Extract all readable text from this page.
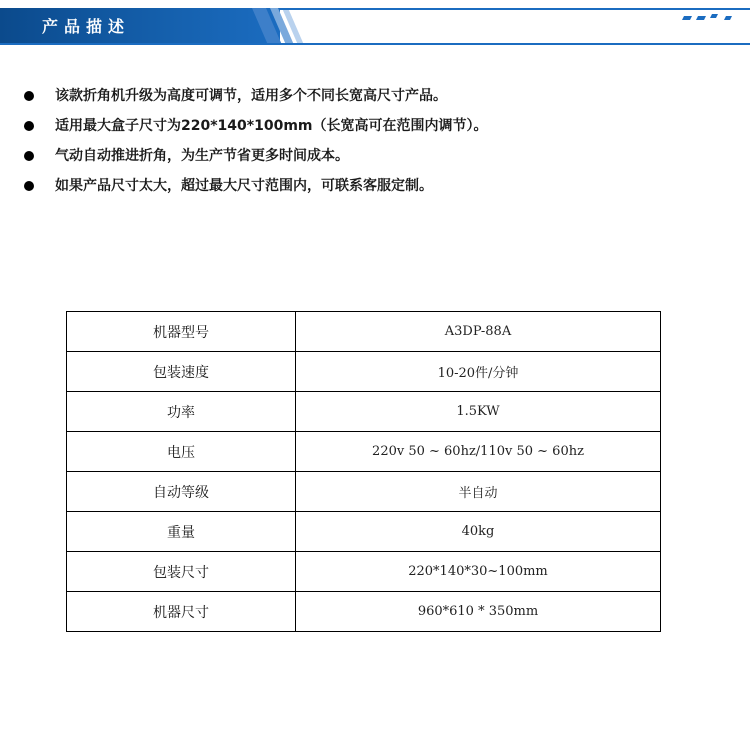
产品描述
该款折角机升级为高度可调节，适用多个不同长宽高尺寸产品。
适用最大盒子尺寸为220*140*100mm（长宽高可在范围内调节）。
气动自动推进折角，为生产节省更多时间成本。
如果产品尺寸太大，超过最大尺寸范围内，可联系客服定制。
机器型号	A3DP-88A
包装速度	10-20件/分钟
功率	1.5KW
电压	220v 50 ~ 60hz/110v 50 ~ 60hz
自动等级	半自动
重量	40kg
包装尺寸	220*140*30~100mm
机器尺寸	960*610 * 350mm
